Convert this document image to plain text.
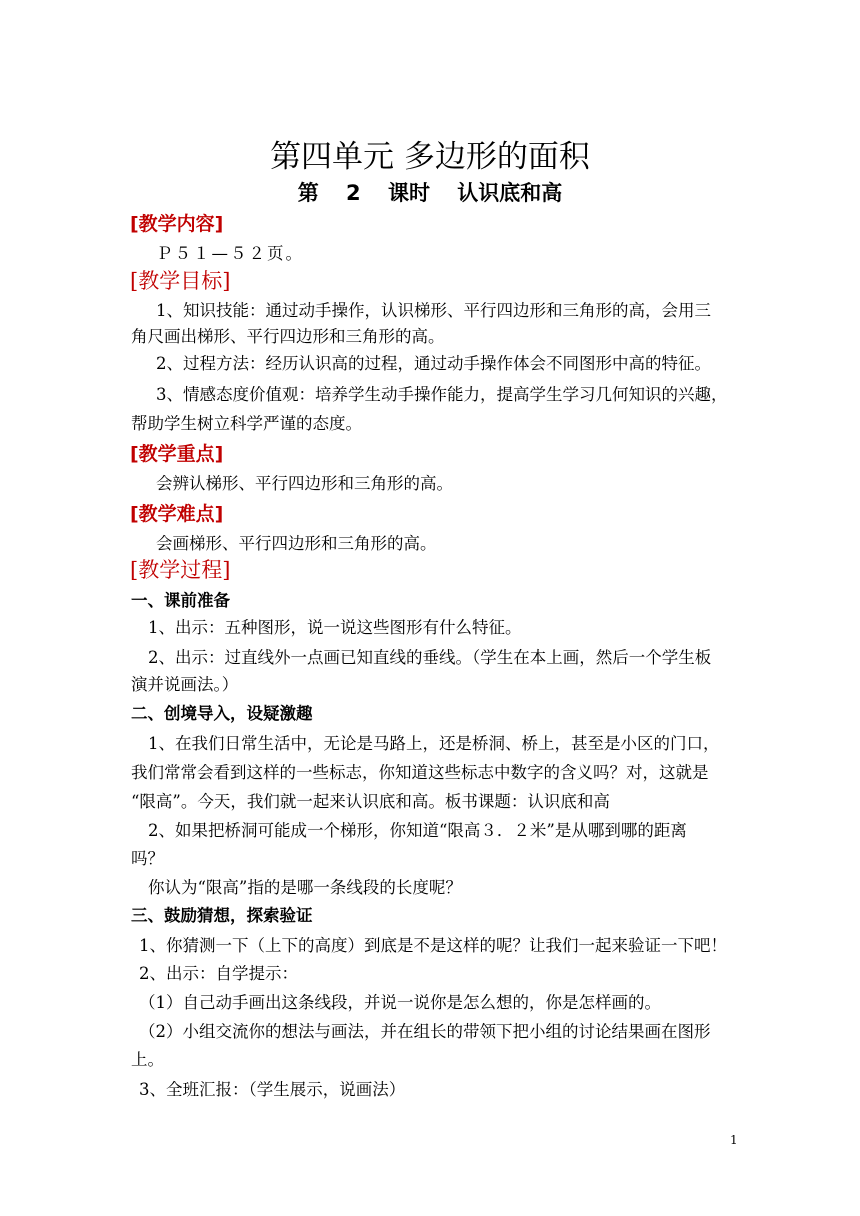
第四单元 多边形的面积
第 2 课时 认识底和高
[教学内容]
Ｐ５１—５２页。
[教学目标]
1、知识技能：通过动手操作，认识梯形、平行四边形和三角形的高，会用三
角尺画出梯形、平行四边形和三角形的高。
2、过程方法：经历认识高的过程，通过动手操作体会不同图形中高的特征。
3、情感态度价值观：培养学生动手操作能力，提高学生学习几何知识的兴趣，
帮助学生树立科学严谨的态度。
[教学重点]
会辨认梯形、平行四边形和三角形的高。
[教学难点]
会画梯形、平行四边形和三角形的高。
[教学过程]
一、课前准备
1、出示：五种图形，说一说这些图形有什么特征。
2、出示：过直线外一点画已知直线的垂线。（学生在本上画，然后一个学生板
演并说画法。）
二、创境导入，设疑激趣
1、在我们日常生活中，无论是马路上，还是桥洞、桥上，甚至是小区的门口，
我们常常会看到这样的一些标志，你知道这些标志中数字的含义吗？对，这就是
“限高”。今天，我们就一起来认识底和高。板书课题：认识底和高
2、如果把桥洞可能成一个梯形，你知道“限高３．２米”是从哪到哪的距离
吗？
你认为“限高”指的是哪一条线段的长度呢？
三、鼓励猜想，探索验证
1、你猜测一下（上下的高度）到底是不是这样的呢？让我们一起来验证一下吧！
2、出示：自学提示：
（1）自己动手画出这条线段，并说一说你是怎么想的，你是怎样画的。
（2）小组交流你的想法与画法，并在组长的带领下把小组的讨论结果画在图形
上。
3、全班汇报：（学生展示，说画法）
1
